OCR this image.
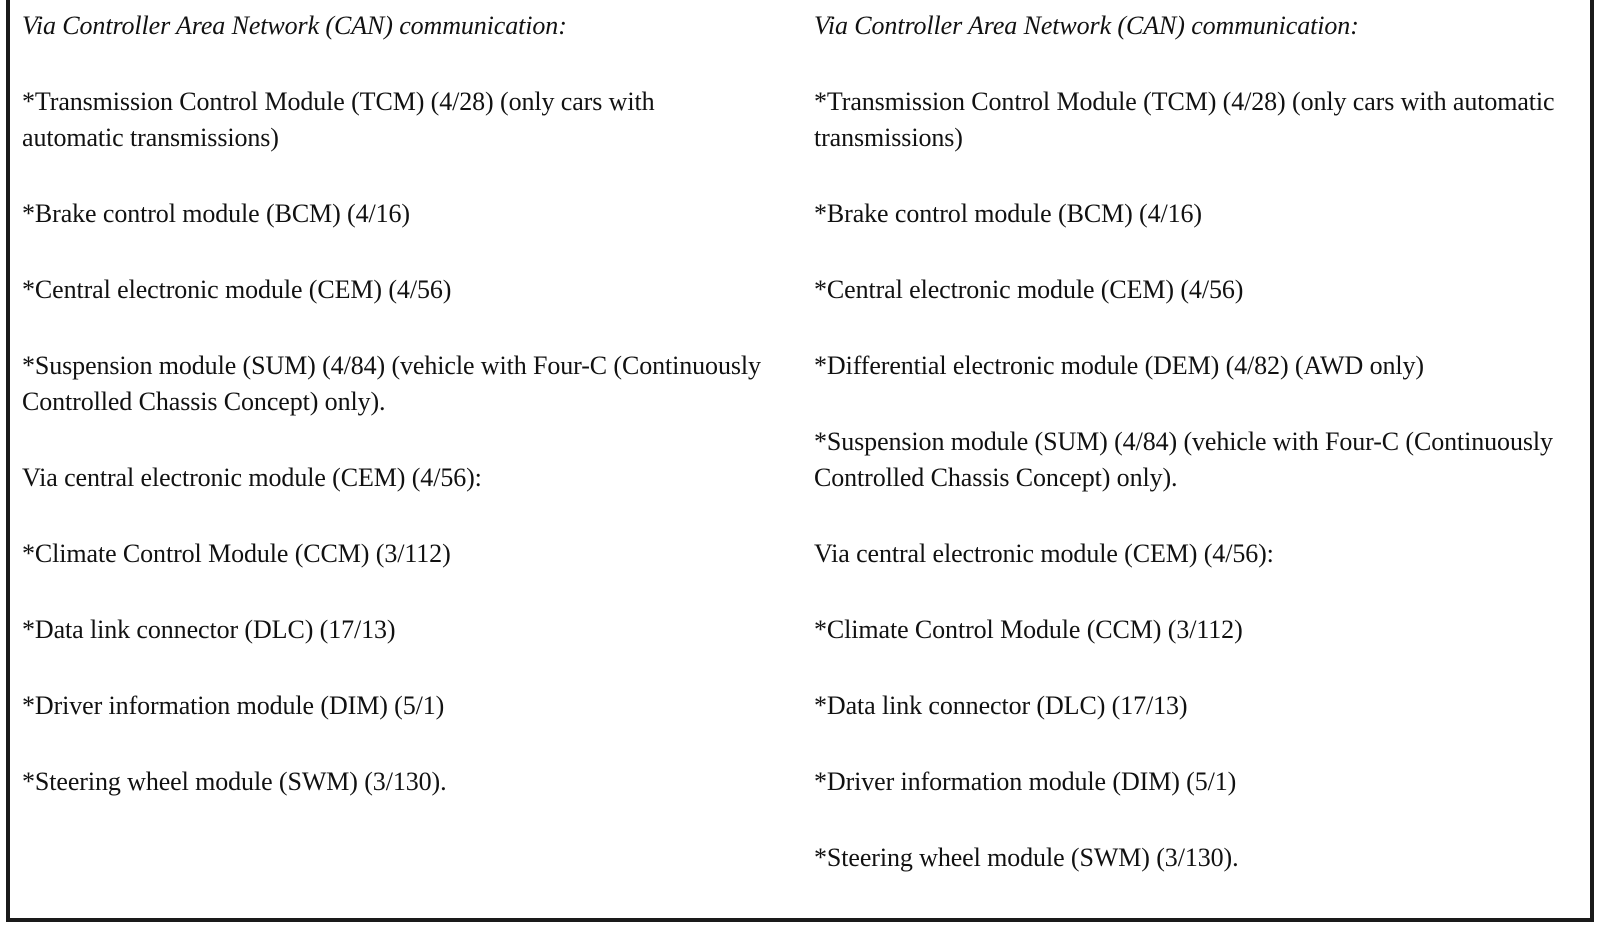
Via Controller Area Network (CAN) communication:

*Transmission Control Module (TCM) (4/28) (only cars with automatic transmissions)

*Brake control module (BCM) (4/16)

*Central electronic module (CEM) (4/56)

*Suspension module (SUM) (4/84) (vehicle with Four-C (Continuously Controlled Chassis Concept) only).

Via central electronic module (CEM) (4/56):

*Climate Control Module (CCM) (3/112)

*Data link connector (DLC) (17/13)

*Driver information module (DIM) (5/1)

*Steering wheel module (SWM) (3/130).

Via Controller Area Network (CAN) communication:

*Transmission Control Module (TCM) (4/28) (only cars with automatic transmissions)

*Brake control module (BCM) (4/16)

*Central electronic module (CEM) (4/56)

*Differential electronic module (DEM) (4/82) (AWD only)

*Suspension module (SUM) (4/84) (vehicle with Four-C (Continuously Controlled Chassis Concept) only).

Via central electronic module (CEM) (4/56):

*Climate Control Module (CCM) (3/112)

*Data link connector (DLC) (17/13)

*Driver information module (DIM) (5/1)

*Steering wheel module (SWM) (3/130).
